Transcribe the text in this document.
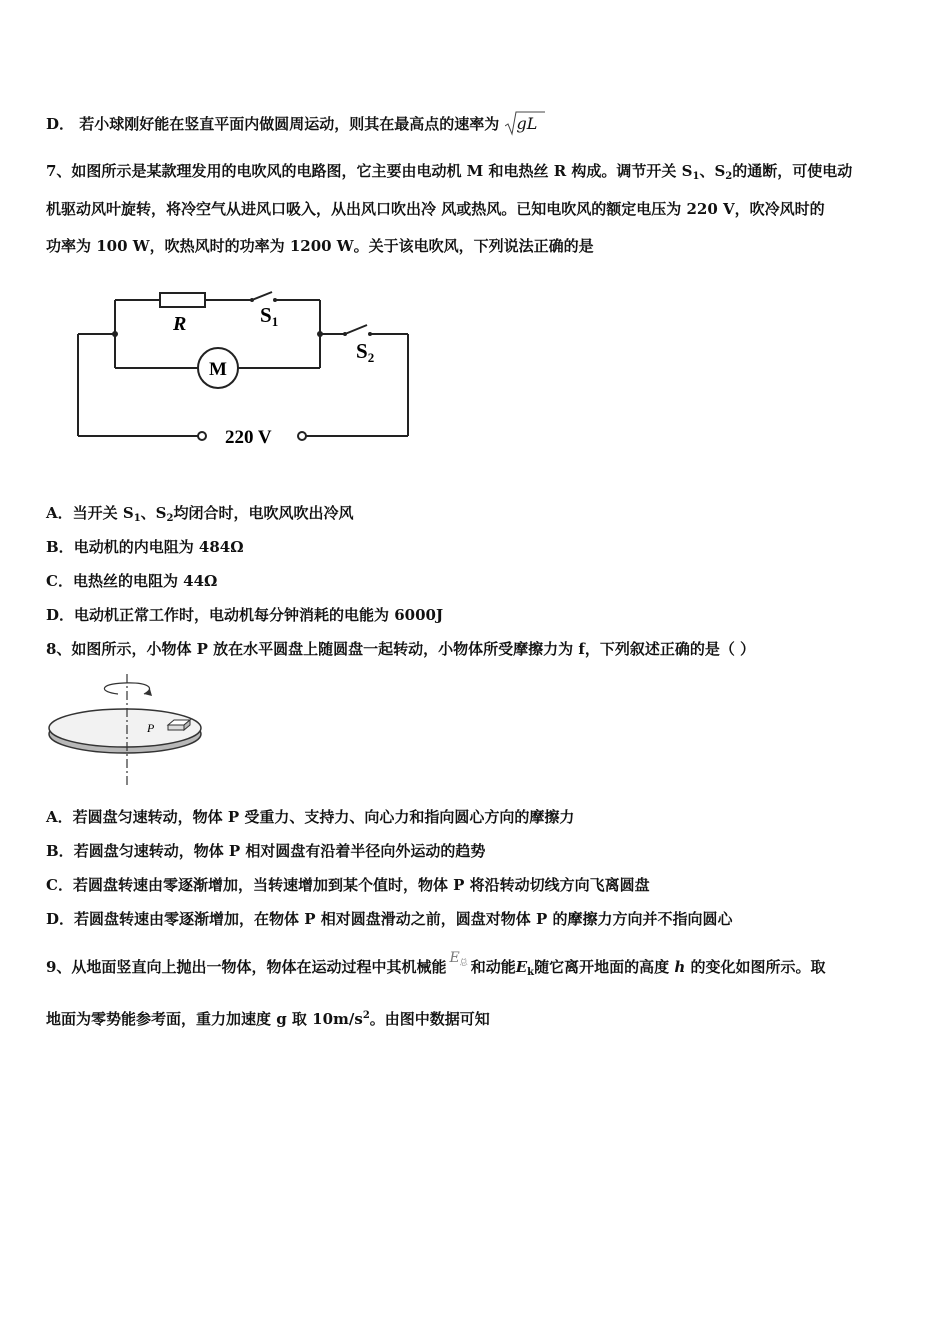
D． 若小球刚好能在竖直平面内做圆周运动，则其在最高点的速率为 gL
7、如图所示是某款理发用的电吹风的电路图，它主要由电动机 M 和电热丝 R 构成。调节开关 $S_1$、$S_2$的通断，可使电动
机驱动风叶旋转，将冷空气从进风口吸入，从出风口吹出冷 风或热风。已知电吹风的额定电压为 220 V，吹冷风时的
功率为 100 W，吹热风时的功率为 1200 W。关于该电吹风，下列说法正确的是
R	S1
S2
M
220 V
A．当开关 $S_1$、$S_2$均闭合时，电吹风吹出冷风
B．电动机的内电阻为 484Ω
C．电热丝的电阻为 44Ω
D．电动机正常工作时，电动机每分钟消耗的电能为 6000J
8、如图所示，小物体 P 放在水平圆盘上随圆盘一起转动，小物体所受摩擦力为 f，下列叙述正确的是（ ）
P
A．若圆盘匀速转动，物体 P 受重力、支持力、向心力和指向圆心方向的摩擦力
B．若圆盘匀速转动，物体 P 相对圆盘有沿着半径向外运动的趋势
C．若圆盘转速由零逐渐增加，当转速增加到某个值时，物体 P 将沿转动切线方向飞离圆盘
D．若圆盘转速由零逐渐增加，在物体 P 相对圆盘滑动之前，圆盘对物体 P 的摩擦力方向并不指向圆心
9、从地面竖直向上抛出一物体，物体在运动过程中其机械能 $E_总$ 和动能$E_k$随它离开地面的高度 h 的变化如图所示。取
地面为零势能参考面，重力加速度 g 取 $10m/s^2$。由图中数据可知
